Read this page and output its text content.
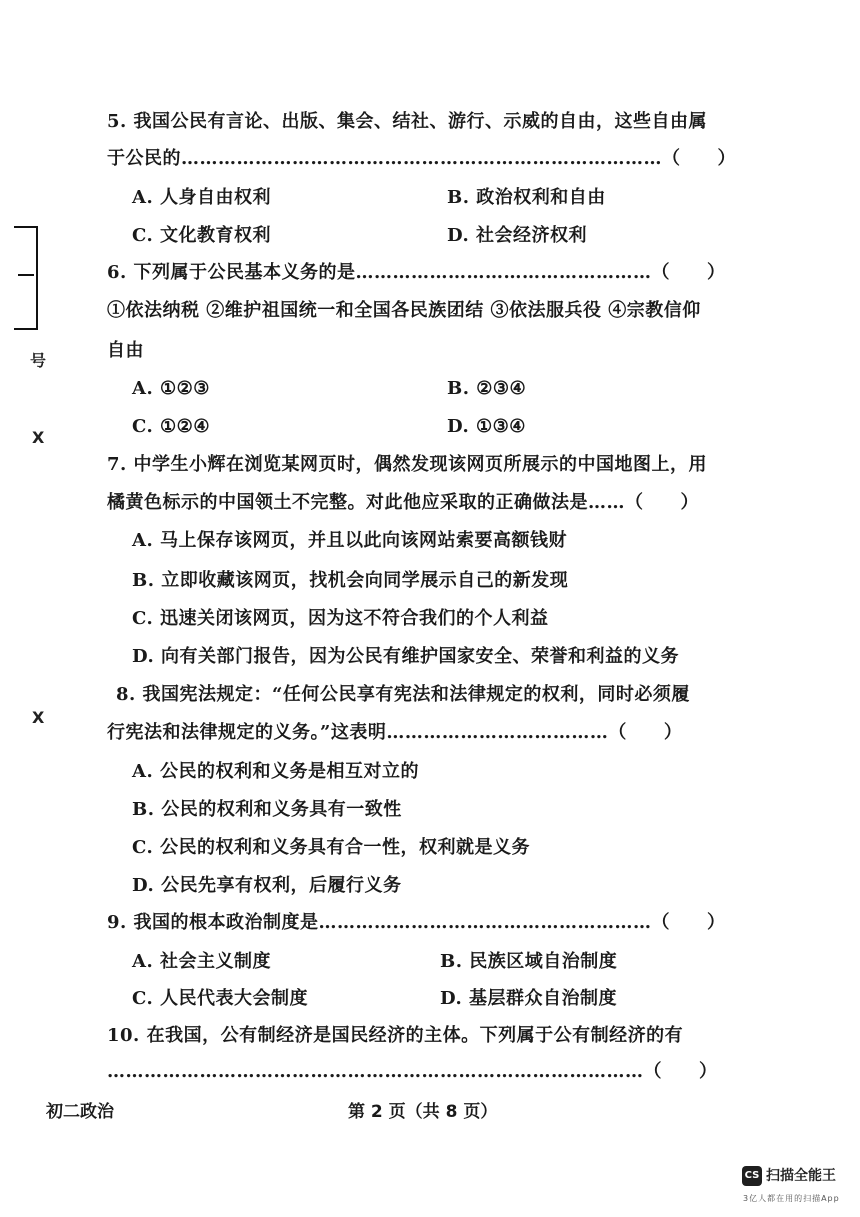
号
X
X
5. 我国公民有言论、出版、集会、结社、游行、示威的自由，这些自由属
于公民的……………………………………………………………………（　　）
A. 人身自由权利	B. 政治权利和自由
C. 文化教育权利	D. 社会经济权利
6. 下列属于公民基本义务的是…………………………………………（　　）
①依法纳税 ②维护祖国统一和全国各民族团结 ③依法服兵役 ④宗教信仰
自由
A. ①②③	B. ②③④
C. ①②④	D. ①③④
7. 中学生小辉在浏览某网页时，偶然发现该网页所展示的中国地图上，用
橘黄色标示的中国领土不完整。对此他应采取的正确做法是……（　　）
A. 马上保存该网页，并且以此向该网站索要高额钱财
B. 立即收藏该网页，找机会向同学展示自己的新发现
C. 迅速关闭该网页，因为这不符合我们的个人利益
D. 向有关部门报告，因为公民有维护国家安全、荣誉和利益的义务
8. 我国宪法规定：“任何公民享有宪法和法律规定的权利，同时必须履
行宪法和法律规定的义务。”这表明………………………………（　　）
A. 公民的权利和义务是相互对立的
B. 公民的权利和义务具有一致性
C. 公民的权利和义务具有合一性，权利就是义务
D. 公民先享有权利，后履行义务
9. 我国的根本政治制度是………………………………………………（　　）
A. 社会主义制度	B. 民族区域自治制度
C. 人民代表大会制度	D. 基层群众自治制度
10. 在我国，公有制经济是国民经济的主体。下列属于公有制经济的有
……………………………………………………………………………（　　）
初二政治	第 2 页（共 8 页）
CS 扫描全能王
3亿人都在用的扫描App
